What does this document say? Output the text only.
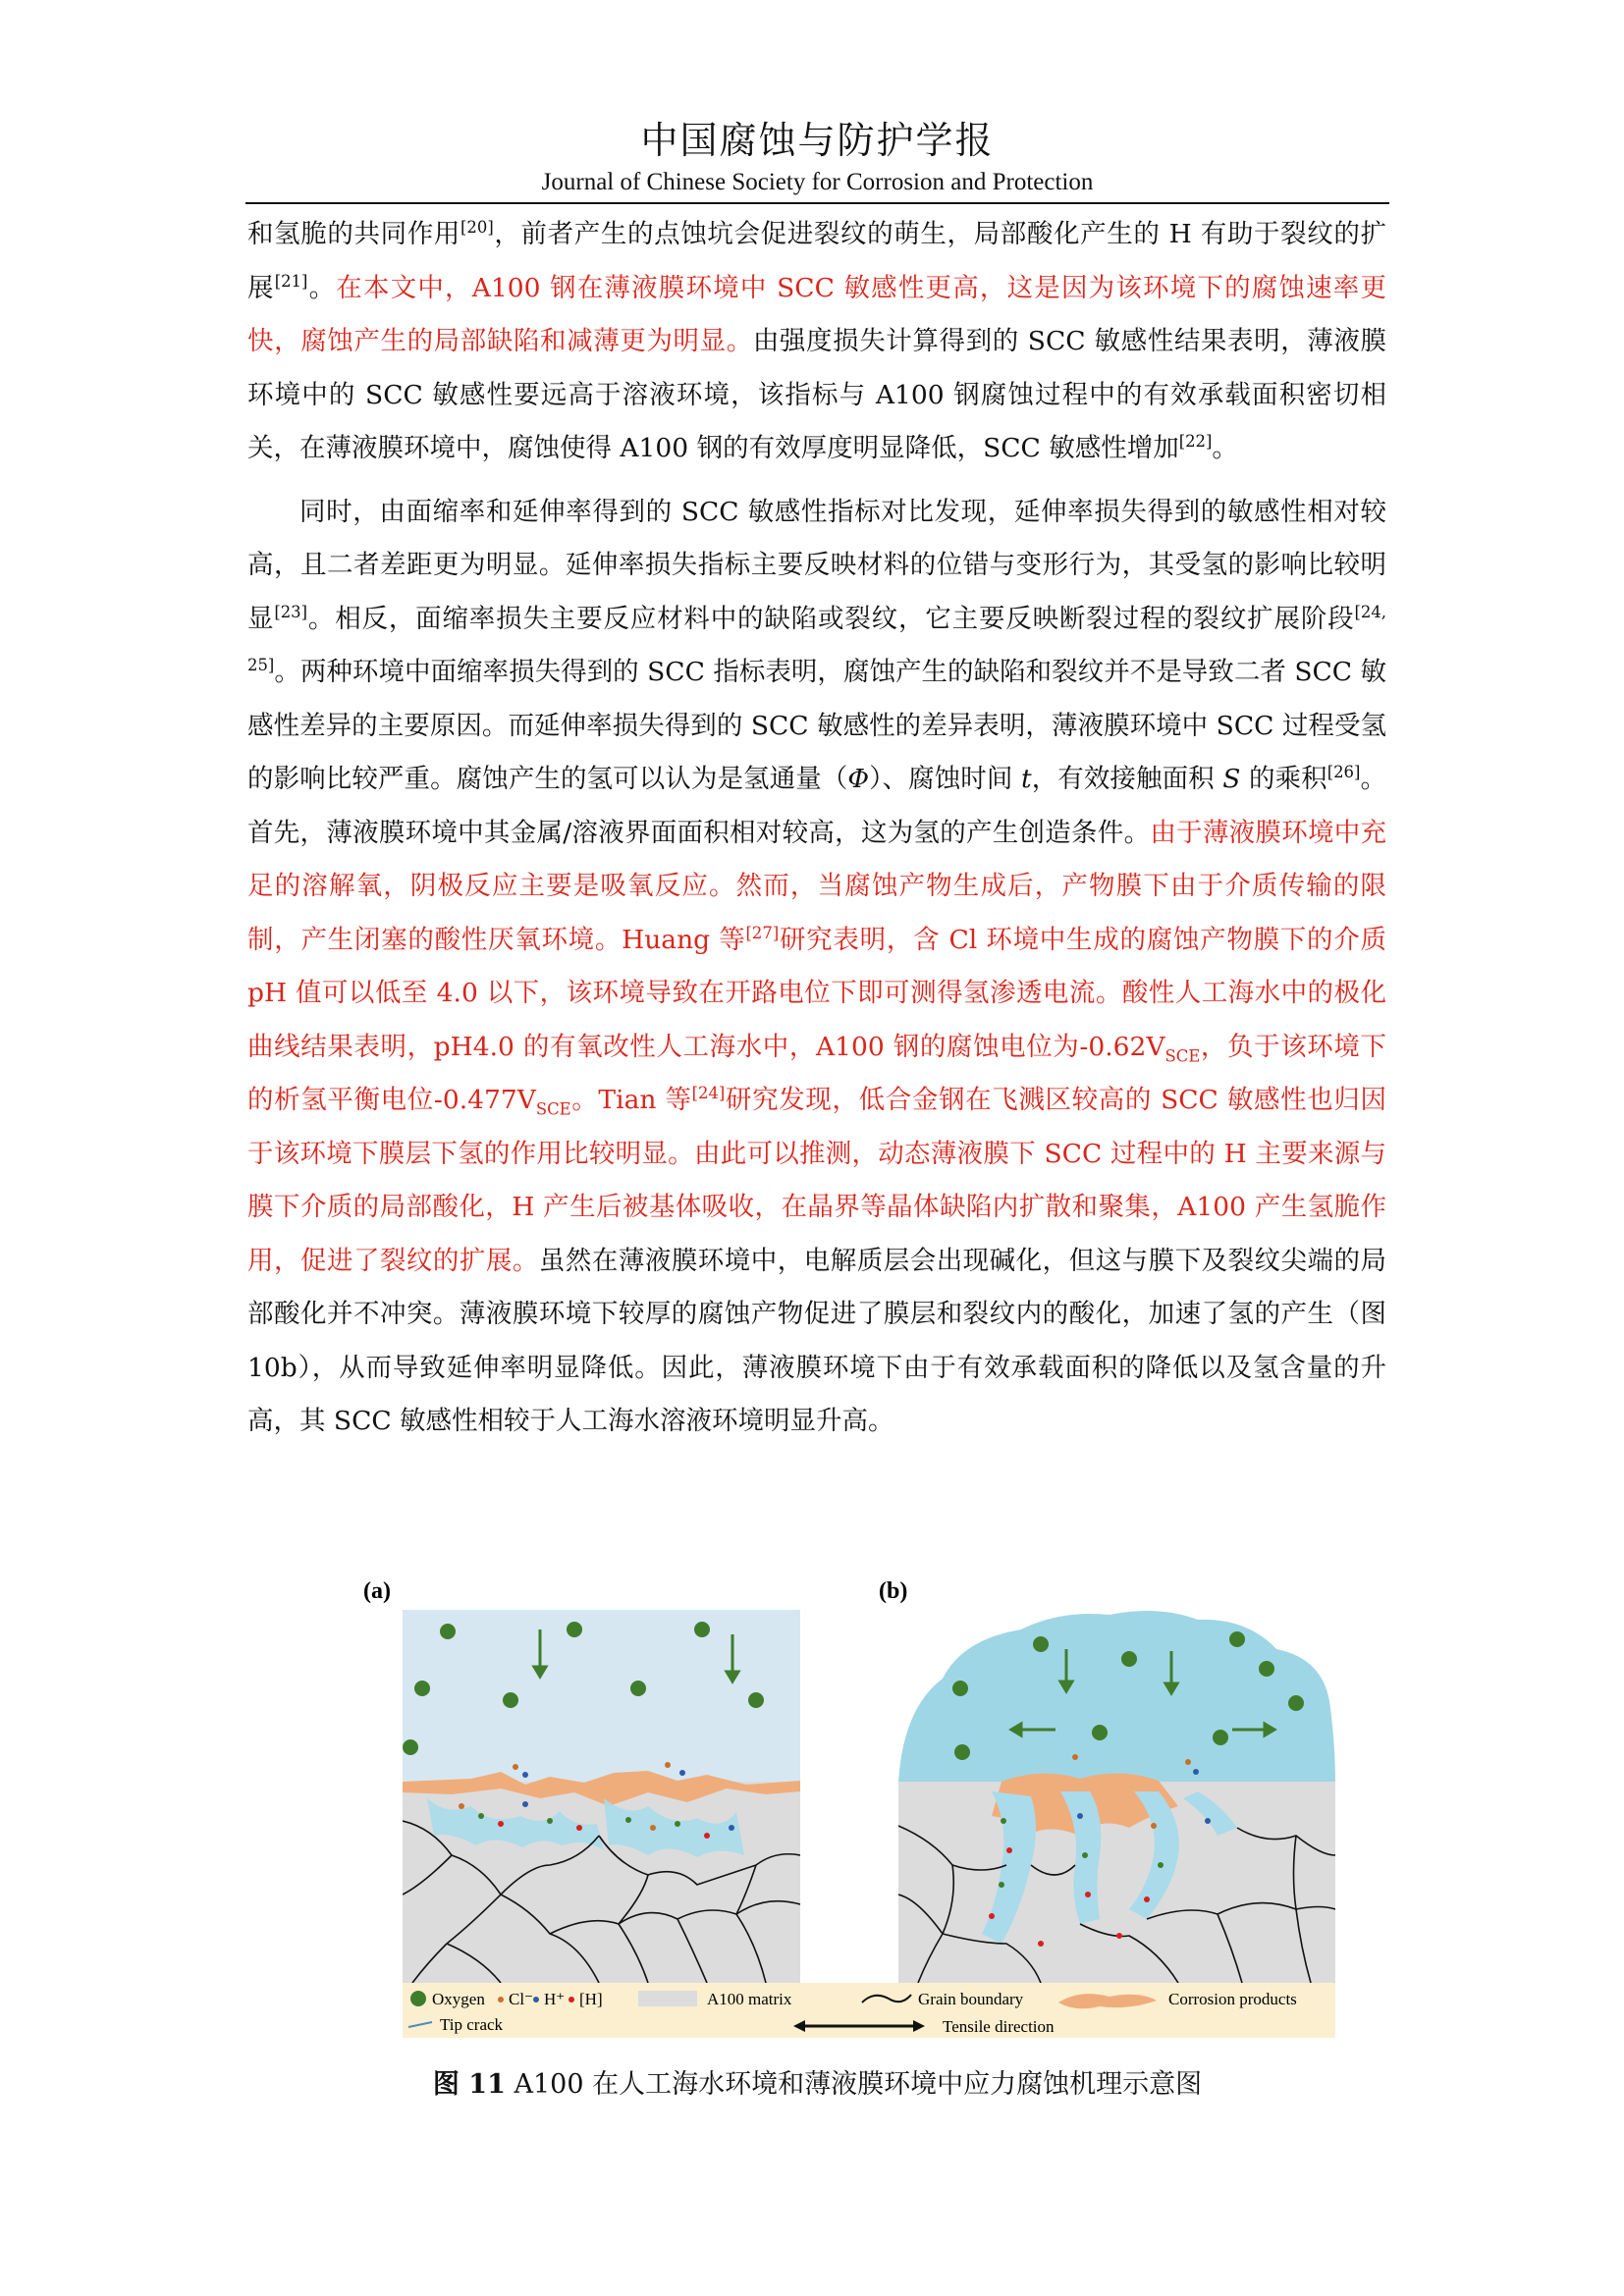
中国腐蚀与防护学报
Journal of Chinese Society for Corrosion and Protection

和氢脆的共同作用[20]，前者产生的点蚀坑会促进裂纹的萌生，局部酸化产生的 H 有助于裂纹的扩展[21]。在本文中，A100 钢在薄液膜环境中 SCC 敏感性更高，这是因为该环境下的腐蚀速率更快，腐蚀产生的局部缺陷和减薄更为明显。由强度损失计算得到的 SCC 敏感性结果表明，薄液膜环境中的 SCC 敏感性要远高于溶液环境，该指标与 A100 钢腐蚀过程中的有效承载面积密切相关，在薄液膜环境中，腐蚀使得 A100 钢的有效厚度明显降低，SCC 敏感性增加[22]。

同时，由面缩率和延伸率得到的 SCC 敏感性指标对比发现，延伸率损失得到的敏感性相对较高，且二者差距更为明显。延伸率损失指标主要反映材料的位错与变形行为，其受氢的影响比较明显[23]。相反，面缩率损失主要反应材料中的缺陷或裂纹，它主要反映断裂过程的裂纹扩展阶段[24, 25]。两种环境中面缩率损失得到的 SCC 指标表明，腐蚀产生的缺陷和裂纹并不是导致二者 SCC 敏感性差异的主要原因。而延伸率损失得到的 SCC 敏感性的差异表明，薄液膜环境中 SCC 过程受氢的影响比较严重。腐蚀产生的氢可以认为是氢通量（Φ）、腐蚀时间 t，有效接触面积 S 的乘积[26]。首先，薄液膜环境中其金属/溶液界面面积相对较高，这为氢的产生创造条件。由于薄液膜环境中充足的溶解氧，阴极反应主要是吸氧反应。然而，当腐蚀产物生成后，产物膜下由于介质传输的限制，产生闭塞的酸性厌氧环境。Huang 等[27]研究表明，含 Cl 环境中生成的腐蚀产物膜下的介质 pH 值可以低至 4.0 以下，该环境导致在开路电位下即可测得氢渗透电流。酸性人工海水中的极化曲线结果表明，pH4.0 的有氧改性人工海水中，A100 钢的腐蚀电位为$-0.62V_{SCE}$，负于该环境下的析氢平衡电位$-0.477V_{SCE}$。Tian 等[24]研究发现，低合金钢在飞溅区较高的 SCC 敏感性也归因于该环境下膜层下氢的作用比较明显。由此可以推测，动态薄液膜下 SCC 过程中的 H 主要来源与膜下介质的局部酸化，H 产生后被基体吸收，在晶界等晶体缺陷内扩散和聚集，A100 产生氢脆作用，促进了裂纹的扩展。虽然在薄液膜环境中，电解质层会出现碱化，但这与膜下及裂纹尖端的局部酸化并不冲突。薄液膜环境下较厚的腐蚀产物促进了膜层和裂纹内的酸化，加速了氢的产生（图 10b），从而导致延伸率明显降低。因此，薄液膜环境下由于有效承载面积的降低以及氢含量的升高，其 SCC 敏感性相较于人工海水溶液环境明显升高。

(a)	(b)
Oxygen Cl⁻ H⁺ [H]	A100 matrix	Grain boundary	Corrosion products
Tip crack	Tensile direction
图 11 A100 在人工海水环境和薄液膜环境中应力腐蚀机理示意图
